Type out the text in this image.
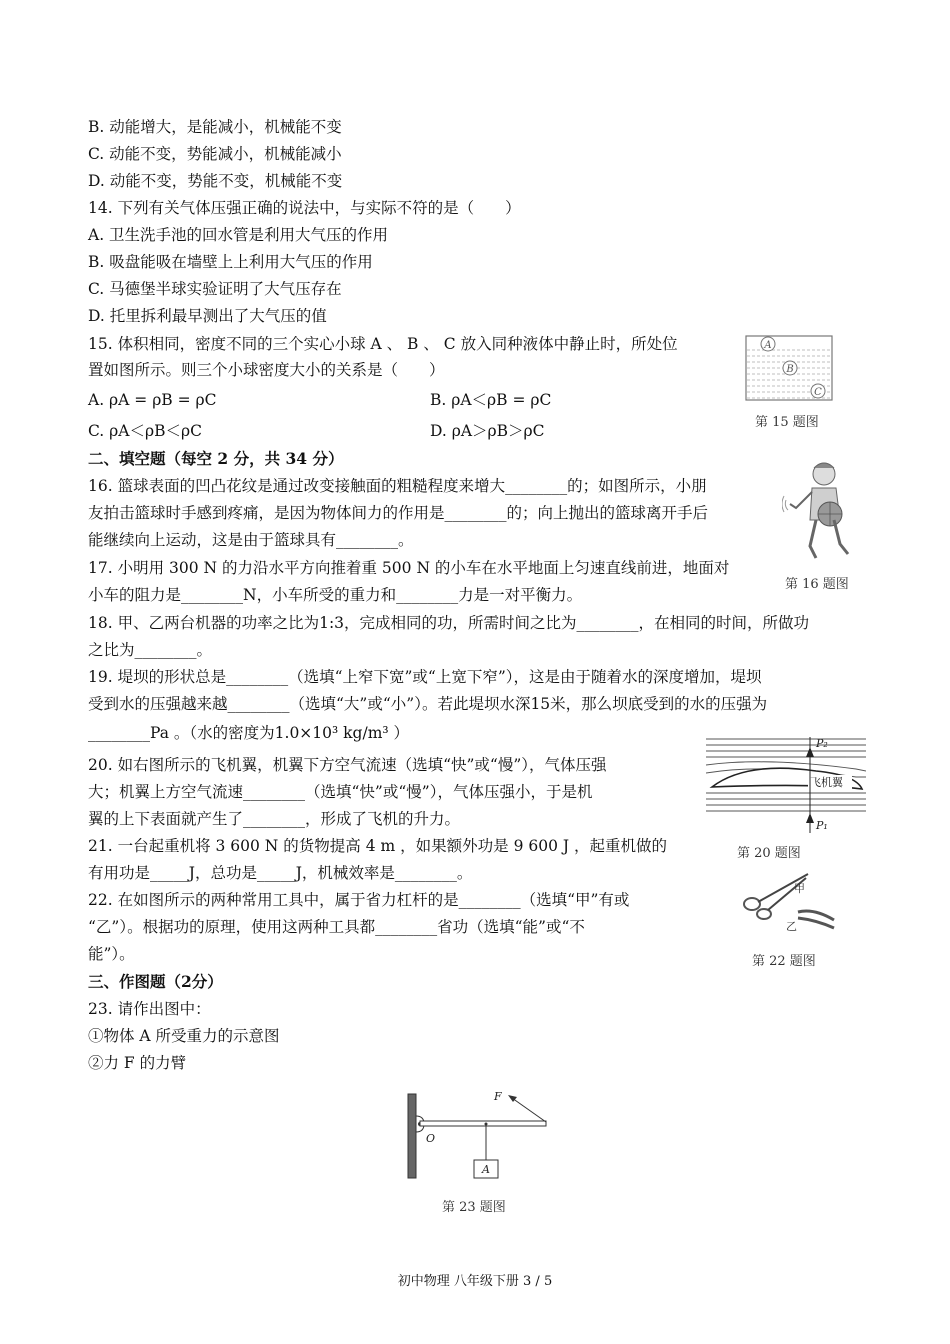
B. 动能增大，是能减小，机械能不变
C. 动能不变，势能减小，机械能减小
D. 动能不变，势能不变，机械能不变
14. 下列有关气体压强正确的说法中，与实际不符的是（　　）
A. 卫生洗手池的回水管是利用大气压的作用
B. 吸盘能吸在墙壁上上利用大气压的作用
C. 马德堡半球实验证明了大气压存在
D. 托里拆利最早测出了大气压的值
15. 体积相同，密度不同的三个实心小球 A 、 B 、 C 放入同种液体中静止时，所处位
置如图所示。则三个小球密度大小的关系是（　　）
A. ρA = ρB = ρC	B. ρA＜ρB = ρC
C. ρA＜ρB＜ρC	D. ρA＞ρB＞ρC
A
B
C
第 15 题图
二、填空题（每空 2 分，共 34 分）
16. 篮球表面的凹凸花纹是通过改变接触面的粗糙程度来增大________的；如图所示，小朋
友拍击篮球时手感到疼痛，是因为物体间力的作用是________的；向上抛出的篮球离开手后
能继续向上运动，这是由于篮球具有________。
第 16 题图
17. 小明用 300 N 的力沿水平方向推着重 500 N 的小车在水平地面上匀速直线前进，地面对
小车的阻力是________N，小车所受的重力和________力是一对平衡力。
18. 甲、乙两台机器的功率之比为1:3，完成相同的功，所需时间之比为________，在相同的时间，所做功
之比为________。
19. 堤坝的形状总是________（选填“上窄下宽”或“上宽下窄”），这是由于随着水的深度增加，堤坝
受到水的压强越来越________（选填“大”或“小”）。若此堤坝水深15米，那么坝底受到的水的压强为
________Pa 。（水的密度为1.0×10³ kg/m³ ）
20. 如右图所示的飞机翼，机翼下方空气流速（选填“快”或“慢”），气体压强
大；机翼上方空气流速________（选填“快”或“慢”），气体压强小，于是机
翼的上下表面就产生了________，形成了飞机的升力。
飞机翼
P₂
P₁
第 20 题图
21. 一台起重机将 3 600 N 的货物提高 4 m ，如果额外功是 9 600 J ，起重机做的
有用功是_____J，总功是_____J，机械效率是________。
22. 在如图所示的两种常用工具中，属于省力杠杆的是________（选填“甲”有或
“乙”）。根据功的原理，使用这两种工具都________省功（选填“能”或“不
能”）。
甲
乙
第 22 题图
三、作图题（2分）
23. 请作出图中：
①物体 A 所受重力的示意图
②力 F 的力臂
O
A
F
第 23 题图
初中物理 八年级下册 3 / 5
